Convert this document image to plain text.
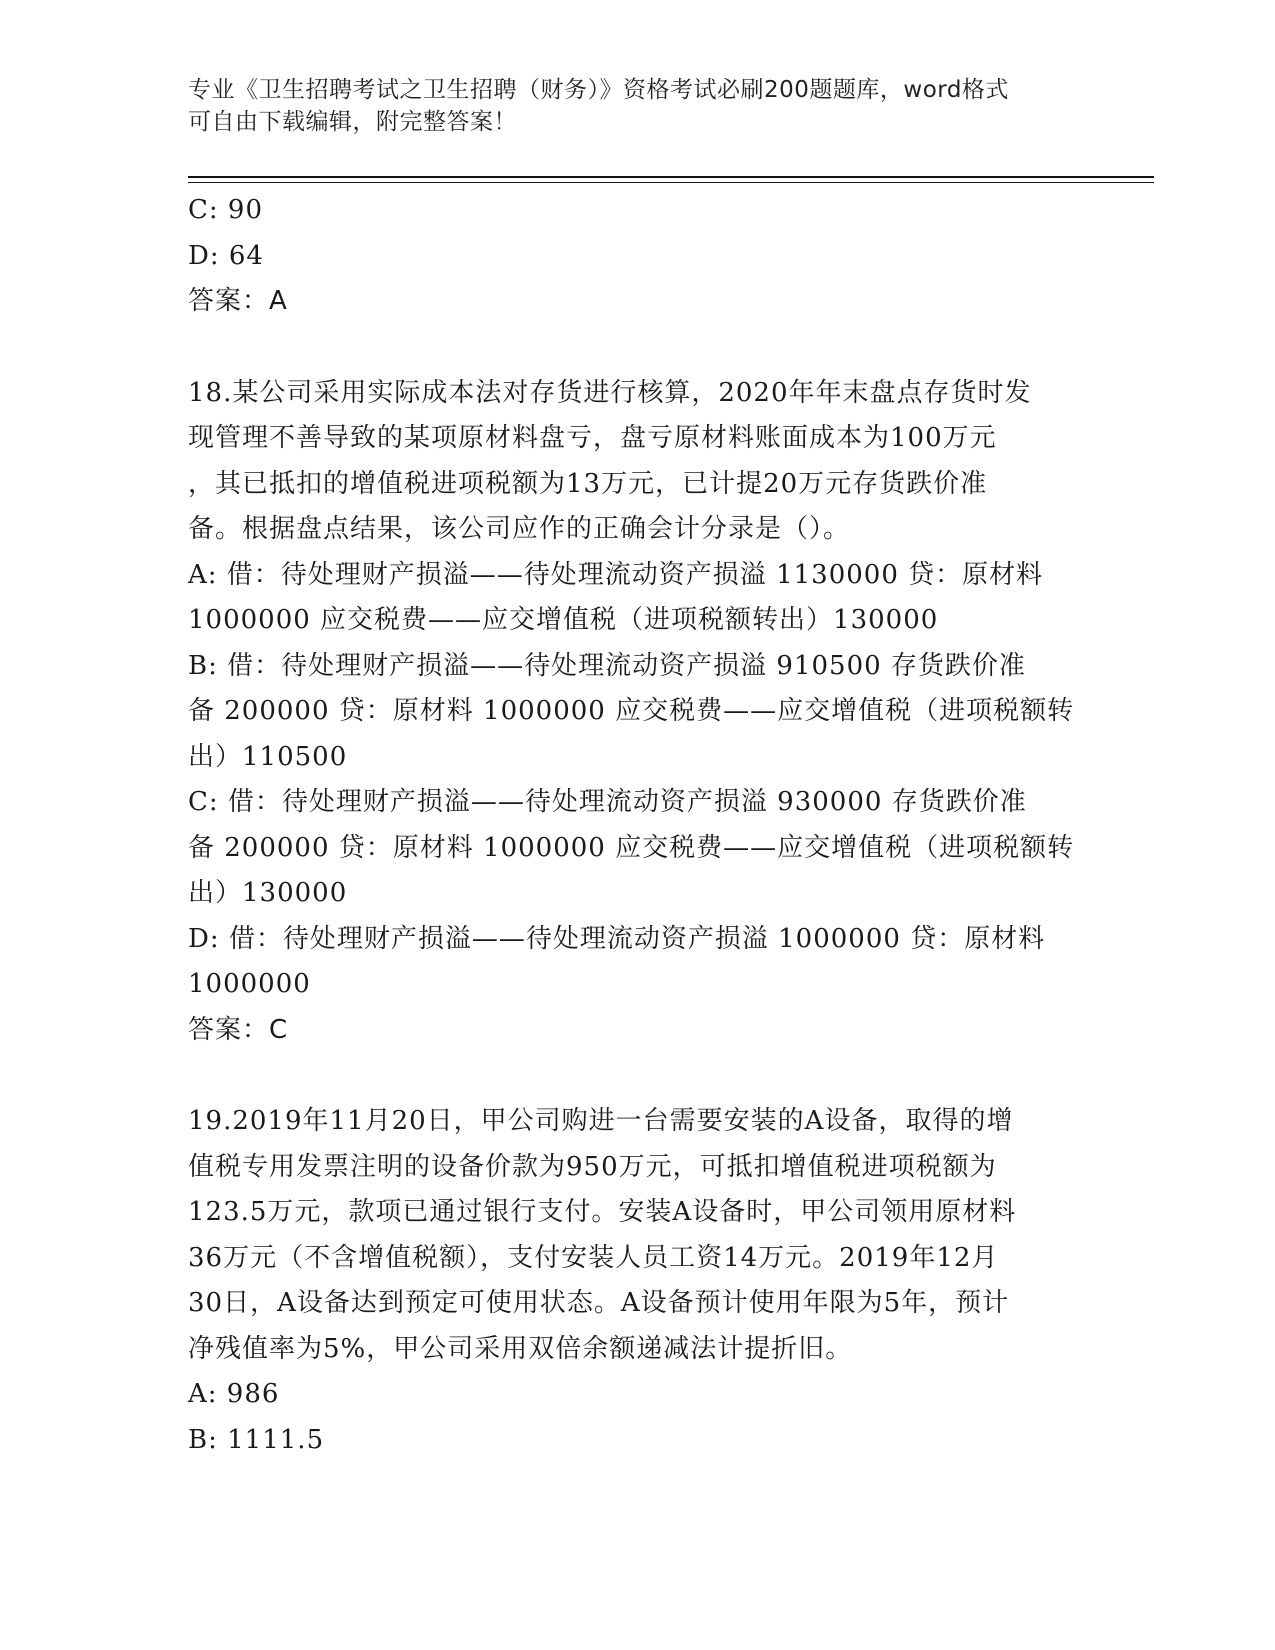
专业《卫生招聘考试之卫生招聘（财务）》资格考试必刷200题题库，word格式
可自由下载编辑，附完整答案！
C: 90
D: 64
答案：A
18.某公司采用实际成本法对存货进行核算，2020年年末盘点存货时发
现管理不善导致的某项原材料盘亏，盘亏原材料账面成本为100万元
，其已抵扣的增值税进项税额为13万元，已计提20万元存货跌价准
备。根据盘点结果，该公司应作的正确会计分录是（）。
A: 借：待处理财产损溢——待处理流动资产损溢 1130000 贷：原材料
1000000 应交税费——应交增值税（进项税额转出）130000
B: 借：待处理财产损溢——待处理流动资产损溢 910500 存货跌价准
备 200000 贷：原材料 1000000 应交税费——应交增值税（进项税额转
出）110500
C: 借：待处理财产损溢——待处理流动资产损溢 930000 存货跌价准
备 200000 贷：原材料 1000000 应交税费——应交增值税（进项税额转
出）130000
D: 借：待处理财产损溢——待处理流动资产损溢 1000000 贷：原材料
1000000
答案：C
19.2019年11月20日，甲公司购进一台需要安装的A设备，取得的增
值税专用发票注明的设备价款为950万元，可抵扣增值税进项税额为
123.5万元，款项已通过银行支付。安装A设备时，甲公司领用原材料
36万元（不含增值税额），支付安装人员工资14万元。2019年12月
30日，A设备达到预定可使用状态。A设备预计使用年限为5年，预计
净残值率为5%，甲公司采用双倍余额递减法计提折旧。
A: 986
B: 1111.5
